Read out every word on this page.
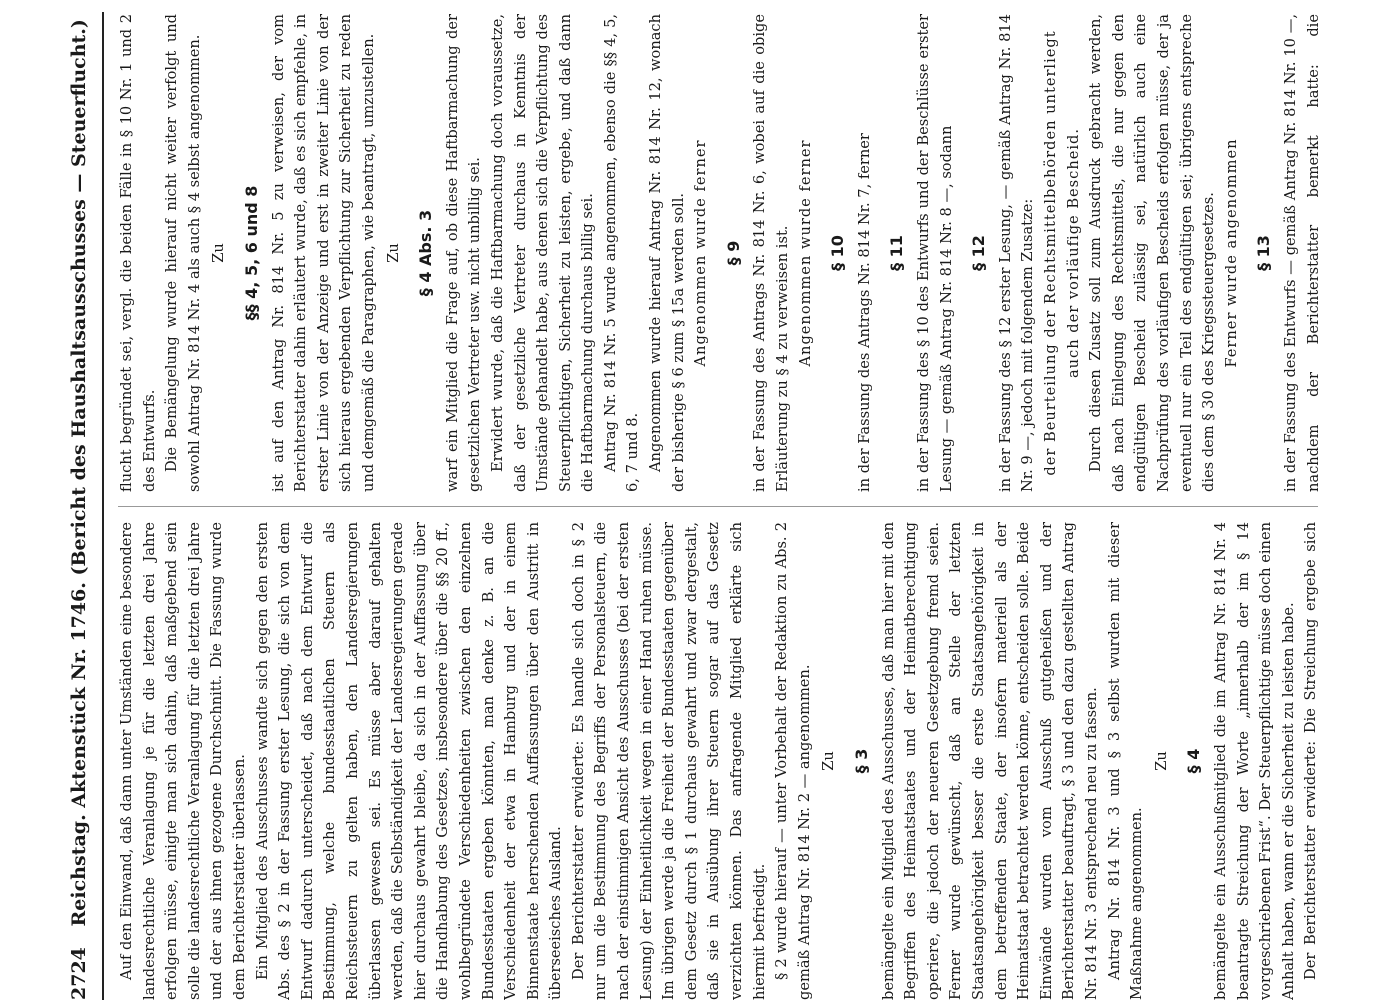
2724 Reichstag. Aktenstück Nr. 1746. (Bericht des Haushaltsausschusses — Steuerflucht.) Auf den Einwand, daß dann unter Umständen eine besondere landesrechtliche Veranlagung je für die letzten drei Jahre erfolgen müsse, einigte man sich dahin, daß maßgebend sein solle die landesrechtliche Veranlagung für die letzten drei Jahre und der aus ihnen gezogene Durchschnitt. Die Fassung wurde dem Berichterstatter überlassen. Ein Mitglied des Ausschusses wandte sich gegen den ersten Abs. des § 2 in der Fassung erster Lesung, die sich von dem Entwurf dadurch unterscheidet, daß nach dem Entwurf die Bestimmung, welche bundesstaatlichen Steuern als Reichssteuern zu gelten haben, den Landesregierungen überlassen gewesen sei. Es müsse aber darauf gehalten werden, daß die Selbständigkeit der Landesregierungen gerade hier durchaus gewahrt bleibe, da sich in der Auffassung über die Handhabung des Gesetzes, insbesondere über die §§ 20 ff., wohlbegründete Verschiedenheiten zwischen den einzelnen Bundesstaaten ergeben könnten, man denke z. B. an die Verschiedenheit der etwa in Hamburg und der in einem Binnenstaate herrschenden Auffassungen über den Austritt in überseeisches Ausland. Der Berichterstatter erwiderte: Es handle sich doch in § 2 nur um die Bestimmung des Begriffs der Personalsteuern, die nach der einstimmigen Ansicht des Ausschusses (bei der ersten Lesung) der Einheitlichkeit wegen in einer Hand ruhen müsse. Im übrigen werde ja die Freiheit der Bundesstaaten gegenüber dem Gesetz durch § 1 durchaus gewahrt und zwar dergestalt, daß sie in Ausübung ihrer Steuern sogar auf das Gesetz verzichten können. Das anfragende Mitglied erklärte sich hiermit befriedigt. § 2 wurde hierauf — unter Vorbehalt der Redaktion zu Abs. 2 gemäß Antrag Nr. 814 Nr. 2 — angenommen. Zu § 3 bemängelte ein Mitglied des Ausschusses, daß man hier mit den Begriffen des Heimatstaates und der Heimatberechtigung operiere, die jedoch der neueren Gesetzgebung fremd seien. Ferner wurde gewünscht, daß an Stelle der letzten Staatsangehörigkeit besser die erste Staatsangehörigkeit in dem betreffenden Staate, der insofern materiell als der Heimatstaat betrachtet werden könne, entscheiden solle. Beide Einwände wurden vom Ausschuß gutgeheißen und der Berichterstatter beauftragt, § 3 und den dazu gestellten Antrag Nr. 814 Nr. 3 entsprechend neu zu fassen. Antrag Nr. 814 Nr. 3 und § 3 selbst wurden mit dieser Maßnahme angenommen.

Zu § 4 bemängelte ein Ausschußmitglied die im Antrag Nr. 814 Nr. 4 beantragte Streichung der Worte „innerhalb der im § 14 vorgeschriebenen Frist“. Der Steuerpflichtige müsse doch einen Anhalt haben, wann er die Sicherheit zu leisten habe. Der Berichterstatter erwiderte: Die Streichung ergebe sich

flucht begründet sei, vergl. die beiden Fälle in § 10 Nr. 1 und 2 des Entwurfs. Die Bemängelung wurde hierauf nicht weiter verfolgt und sowohl Antrag Nr. 814 Nr. 4 als auch § 4 selbst angenommen. Zu §§ 4, 5, 6 und 8 ist auf den Antrag Nr. 814 Nr. 5 zu verweisen, der vom Berichterstatter dahin erläutert wurde, daß es sich empfehle, in erster Linie von der Anzeige und erst in zweiter Linie von der sich hieraus ergebenden Verpflichtung zur Sicherheit zu reden und demgemäß die Paragraphen, wie beantragt, umzustellen. Zu § 4 Abs. 3 warf ein Mitglied die Frage auf, ob diese Haftbarmachung der gesetzlichen Vertreter usw. nicht unbillig sei. Erwidert wurde, daß die Haftbarmachung doch voraussetze, daß der gesetzliche Vertreter durchaus in Kenntnis der Umstände gehandelt habe, aus denen sich die Verpflichtung des Steuerpflichtigen, Sicherheit zu leisten, ergebe, und daß dann die Haftbarmachung durchaus billig sei. Antrag Nr. 814 Nr. 5 wurde angenommen, ebenso die §§ 4, 5, 6, 7 und 8. Angenommen wurde hierauf Antrag Nr. 814 Nr. 12, wonach der bisherige § 6 zum § 15a werden soll. Angenommen wurde ferner § 9 in der Fassung des Antrags Nr. 814 Nr. 6, wobei auf die obige Erläuterung zu § 4 zu verweisen ist. Angenommen wurde ferner § 10 in der Fassung des Antrags Nr. 814 Nr. 7, ferner § 11 in der Fassung des § 10 des Entwurfs und der Beschlüsse erster Lesung — gemäß Antrag Nr. 814 Nr. 8 —, sodann § 12 in der Fassung des § 12 erster Lesung, — gemäß Antrag Nr. 814 Nr. 9 —, jedoch mit folgendem Zusatze: der Beurteilung der Rechtsmittelbehörden unterliegt auch der vorläufige Bescheid. Durch diesen Zusatz soll zum Ausdruck gebracht werden, daß nach Einlegung des Rechtsmittels, die nur gegen den endgültigen Bescheid zulässig sei, natürlich auch eine Nachprüfung des vorläufigen Bescheids erfolgen müsse, der ja eventuell nur ein Teil des endgültigen sei; übrigens entspreche dies dem § 30 des Kriegssteuergesetzes. Ferner wurde angenommen § 13

in der Fassung des Entwurfs — gemäß Antrag Nr. 814 Nr. 10 —, nachdem der Berichterstatter bemerkt hatte: die
